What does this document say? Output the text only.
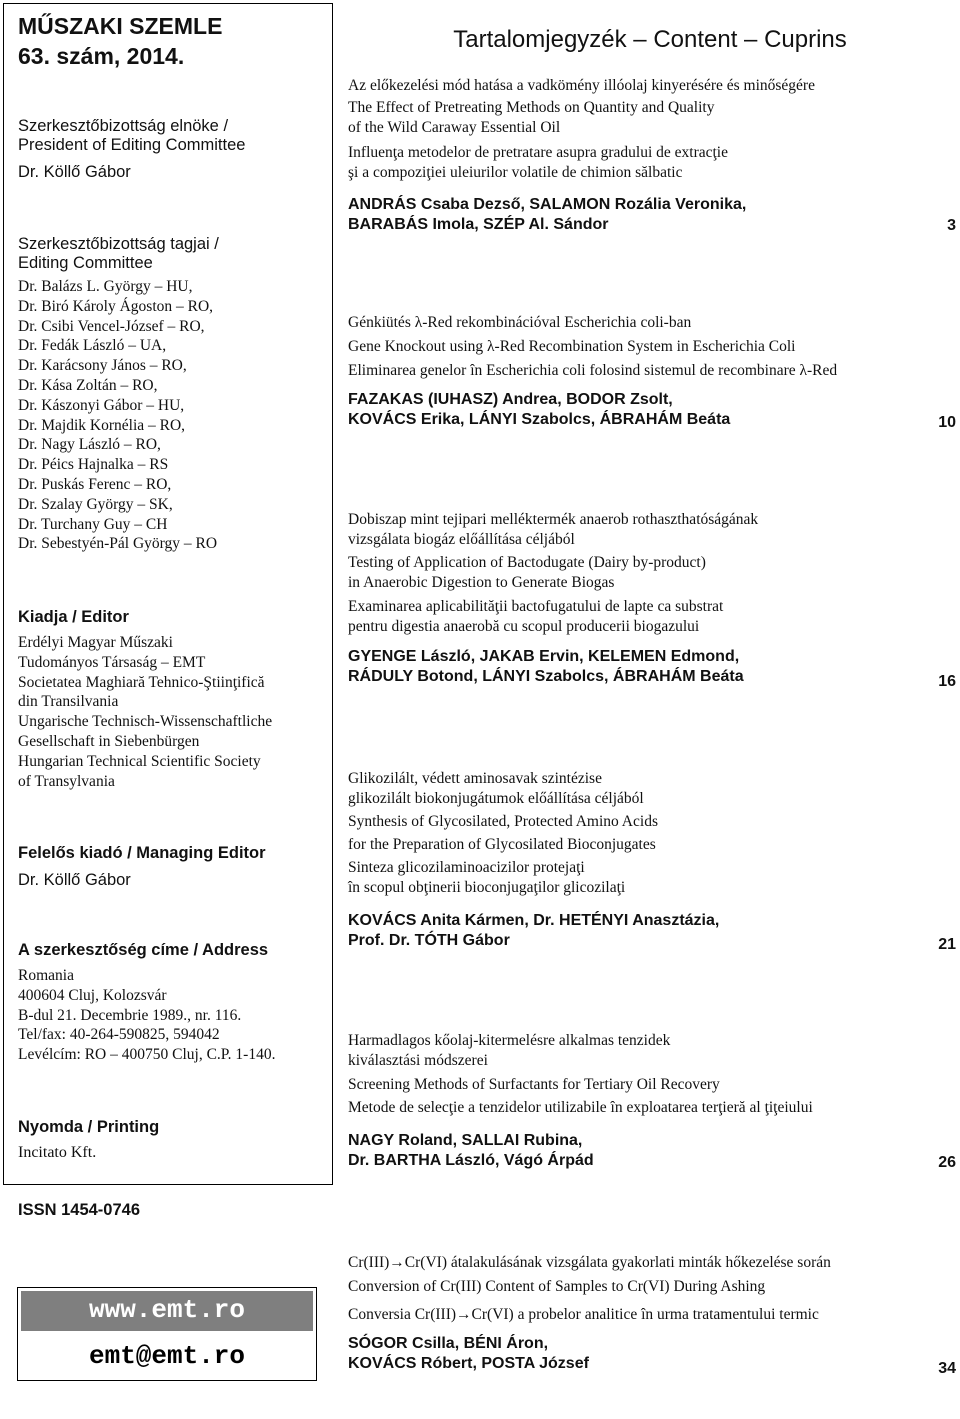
MŰSZAKI SZEMLE
63. szám, 2014.
Szerkesztőbizottság elnöke /
President of Editing Committee
Dr. Köllő Gábor
Szerkesztőbizottság tagjai /
Editing Committee
Dr. Balázs L. György – HU,
Dr. Biró Károly Ágoston – RO,
Dr. Csibi Vencel-József – RO,
Dr. Fedák László – UA,
Dr. Karácsony János – RO,
Dr. Kása Zoltán – RO,
Dr. Kászonyi Gábor – HU,
Dr. Majdik Kornélia – RO,
Dr. Nagy László – RO,
Dr. Péics Hajnalka – RS
Dr. Puskás Ferenc – RO,
Dr. Szalay György – SK,
Dr. Turchany Guy – CH
Dr. Sebestyén-Pál György – RO
Kiadja / Editor
Erdélyi Magyar Műszaki
Tudományos Társaság – EMT
Societatea Maghiară Tehnico-Ştiinţifică
din Transilvania
Ungarische Technisch-Wissenschaftliche
Gesellschaft in Siebenbürgen
Hungarian Technical Scientific Society
of Transylvania
Felelős kiadó / Managing Editor
Dr. Köllő Gábor
A szerkesztőség címe / Address
Romania
400604 Cluj, Kolozsvár
B-dul 21. Decembrie 1989., nr. 116.
Tel/fax: 40-264-590825, 594042
Levélcím: RO – 400750 Cluj, C.P. 1-140.
Nyomda / Printing
Incitato Kft.
ISSN 1454-0746
www.emt.ro
emt@emt.ro
Tartalomjegyzék – Content – Cuprins
Az előkezelési mód hatása a vadkömény illóolaj kinyerésére és minőségére
The Effect of Pretreating Methods on Quantity and Quality
of the Wild Caraway Essential Oil
Influenţa metodelor de pretratare asupra gradului de extracţie
şi a compoziţiei uleiurilor volatile de chimion sălbatic
ANDRÁS Csaba Dezső, SALAMON Rozália Veronika,
BARABÁS Imola, SZÉP Al. Sándor	3
Génkiütés λ-Red rekombinációval Escherichia coli-ban
Gene Knockout using λ-Red Recombination System in Escherichia Coli
Eliminarea genelor în Escherichia coli folosind sistemul de recombinare λ-Red
FAZAKAS (IUHASZ) Andrea, BODOR Zsolt,
KOVÁCS Erika, LÁNYI Szabolcs, ÁBRAHÁM Beáta	10
Dobiszap mint tejipari melléktermék anaerob rothaszthatóságának
vizsgálata biogáz előállítása céljából
Testing of Application of Bactodugate (Dairy by-product)
in Anaerobic Digestion to Generate Biogas
Examinarea aplicabilităţii bactofugatului de lapte ca substrat
pentru digestia anaerobă cu scopul producerii biogazului
GYENGE László, JAKAB Ervin, KELEMEN Edmond,
RÁDULY Botond, LÁNYI Szabolcs, ÁBRAHÁM Beáta	16
Glikozilált, védett aminosavak szintézise
glikozilált biokonjugátumok előállítása céljából
Synthesis of Glycosilated, Protected Amino Acids
for the Preparation of Glycosilated Bioconjugates
Sinteza glicozilaminoacizilor protejaţi
în scopul obţinerii bioconjugaţilor glicozilaţi
KOVÁCS Anita Kármen, Dr. HETÉNYI Anasztázia,
Prof. Dr. TÓTH Gábor	21
Harmadlagos kőolaj-kitermelésre alkalmas tenzidek
kiválasztási módszerei
Screening Methods of Surfactants for Tertiary Oil Recovery
Metode de selecţie a tenzidelor utilizabile în exploatarea terţieră al ţiţeiului
NAGY Roland, SALLAI Rubina,
Dr. BARTHA László, Vágó Árpád	26
Cr(III)→Cr(VI) átalakulásának vizsgálata gyakorlati minták hőkezelése során
Conversion of Cr(III) Content of Samples to Cr(VI) During Ashing
Conversia Cr(III)→Cr(VI) a probelor analitice în urma tratamentului termic
SÓGOR Csilla, BÉNI Áron,
KOVÁCS Róbert, POSTA József	34
